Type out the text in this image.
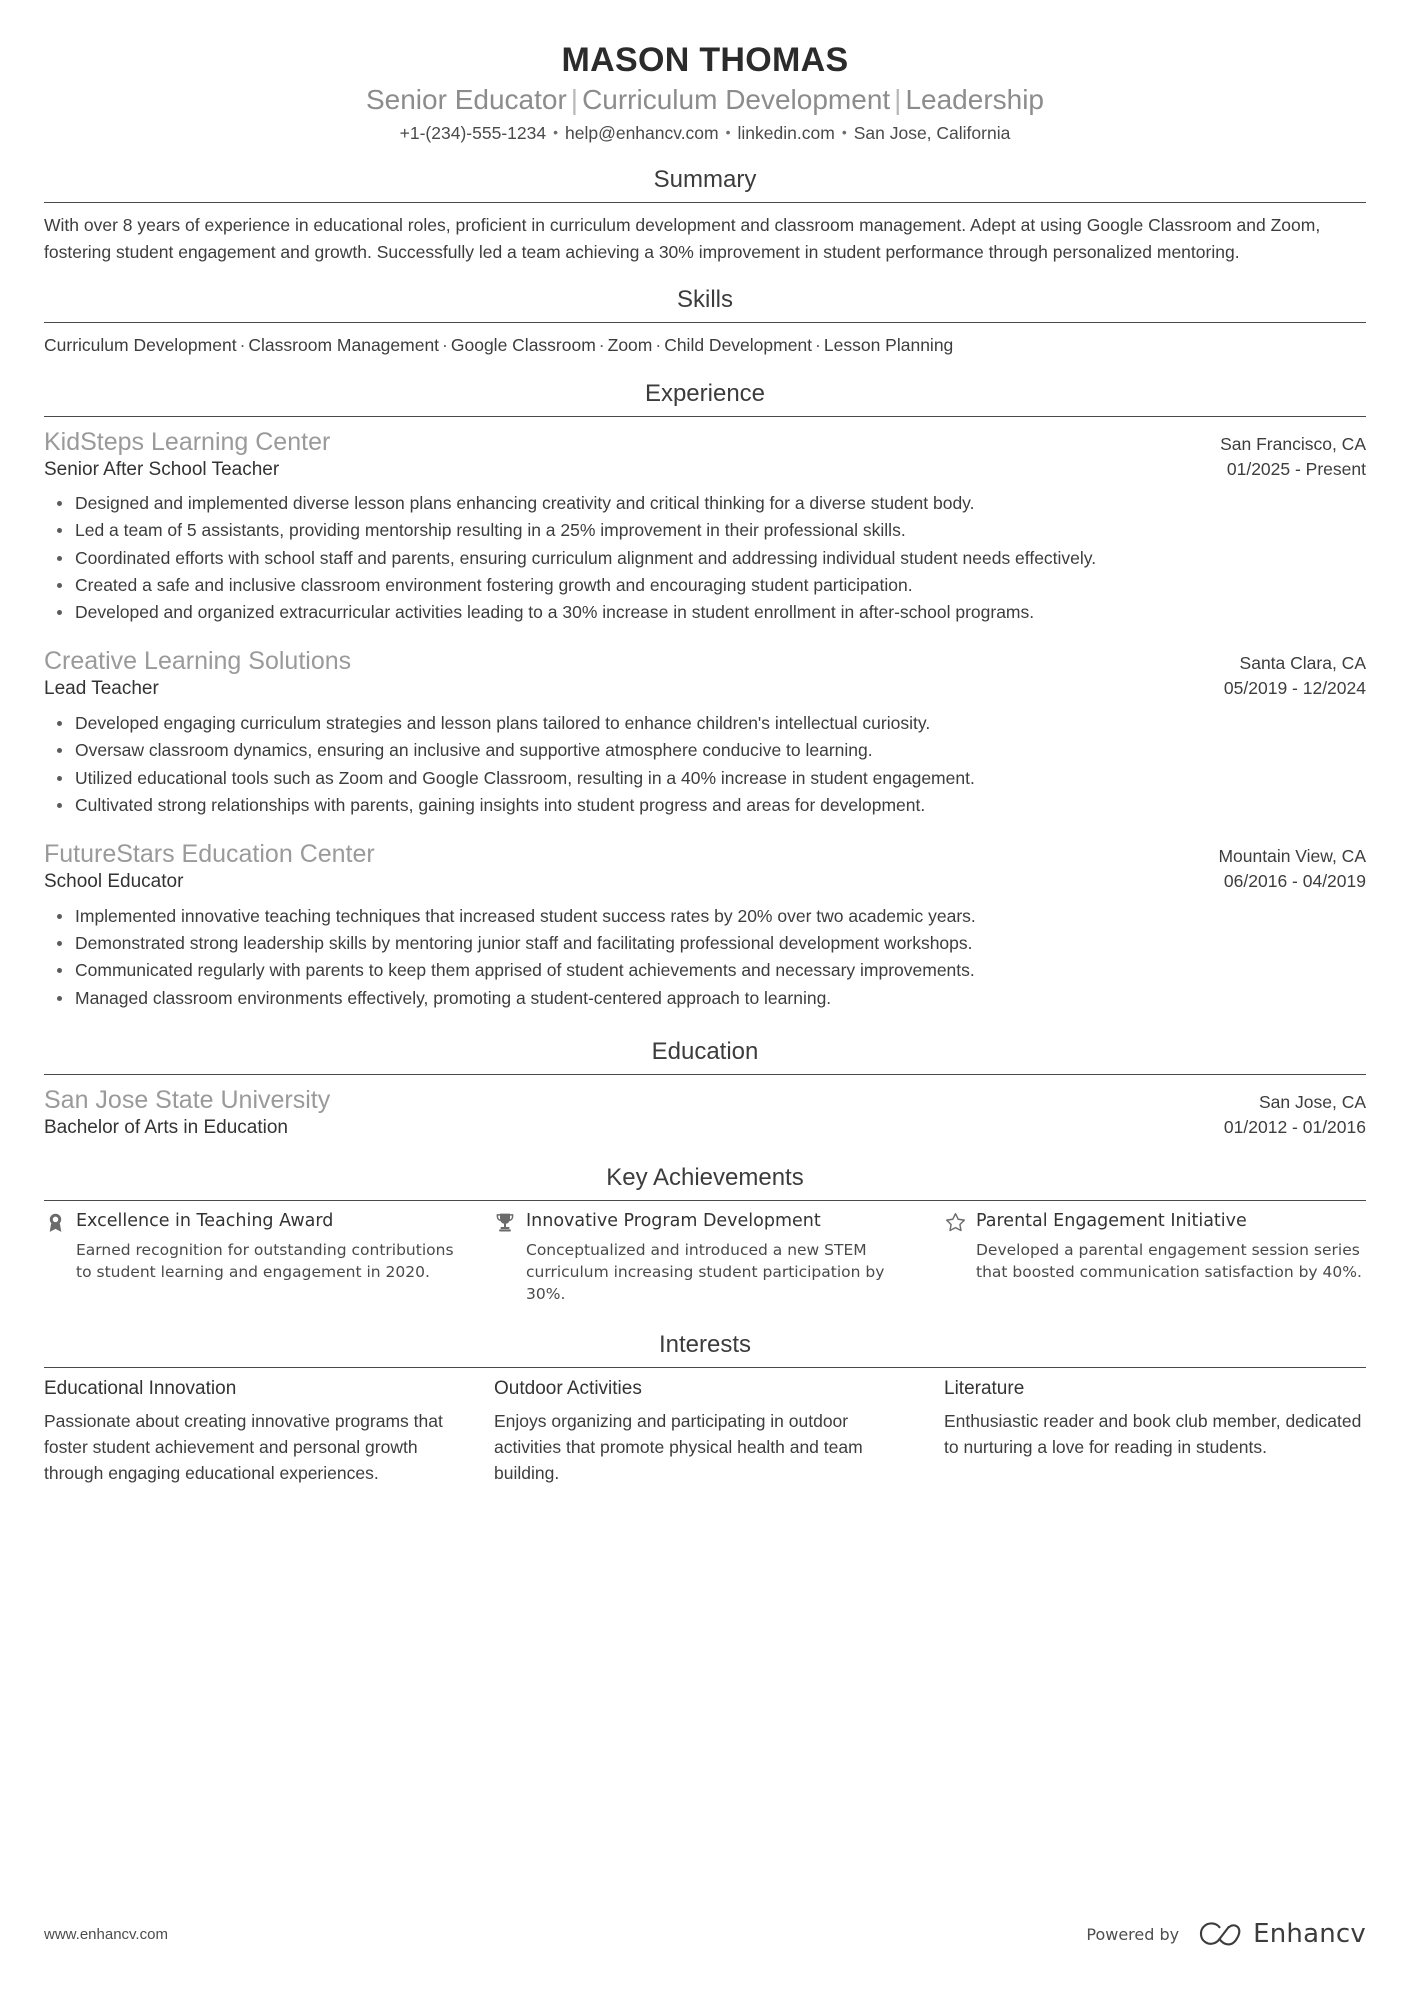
MASON THOMAS
Senior Educator | Curriculum Development | Leadership
+1-(234)-555-1234 • help@enhancv.com • linkedin.com • San Jose, California
Summary
With over 8 years of experience in educational roles, proficient in curriculum development and classroom management. Adept at using Google Classroom and Zoom, fostering student engagement and growth. Successfully led a team achieving a 30% improvement in student performance through personalized mentoring.
Skills
Curriculum Development · Classroom Management · Google Classroom · Zoom · Child Development · Lesson Planning
Experience
KidSteps Learning Center	San Francisco, CA
Senior After School Teacher	01/2025 - Present
Designed and implemented diverse lesson plans enhancing creativity and critical thinking for a diverse student body.
Led a team of 5 assistants, providing mentorship resulting in a 25% improvement in their professional skills.
Coordinated efforts with school staff and parents, ensuring curriculum alignment and addressing individual student needs effectively.
Created a safe and inclusive classroom environment fostering growth and encouraging student participation.
Developed and organized extracurricular activities leading to a 30% increase in student enrollment in after-school programs.
Creative Learning Solutions	Santa Clara, CA
Lead Teacher	05/2019 - 12/2024
Developed engaging curriculum strategies and lesson plans tailored to enhance children's intellectual curiosity.
Oversaw classroom dynamics, ensuring an inclusive and supportive atmosphere conducive to learning.
Utilized educational tools such as Zoom and Google Classroom, resulting in a 40% increase in student engagement.
Cultivated strong relationships with parents, gaining insights into student progress and areas for development.
FutureStars Education Center	Mountain View, CA
School Educator	06/2016 - 04/2019
Implemented innovative teaching techniques that increased student success rates by 20% over two academic years.
Demonstrated strong leadership skills by mentoring junior staff and facilitating professional development workshops.
Communicated regularly with parents to keep them apprised of student achievements and necessary improvements.
Managed classroom environments effectively, promoting a student-centered approach to learning.
Education
San Jose State University	San Jose, CA
Bachelor of Arts in Education	01/2012 - 01/2016
Key Achievements
Excellence in Teaching Award
Earned recognition for outstanding contributions to student learning and engagement in 2020.
Innovative Program Development
Conceptualized and introduced a new STEM curriculum increasing student participation by 30%.
Parental Engagement Initiative
Developed a parental engagement session series that boosted communication satisfaction by 40%.
Interests
Educational Innovation
Passionate about creating innovative programs that foster student achievement and personal growth through engaging educational experiences.
Outdoor Activities
Enjoys organizing and participating in outdoor activities that promote physical health and team building.
Literature
Enthusiastic reader and book club member, dedicated to nurturing a love for reading in students.
www.enhancv.com	Powered by	Enhancv
